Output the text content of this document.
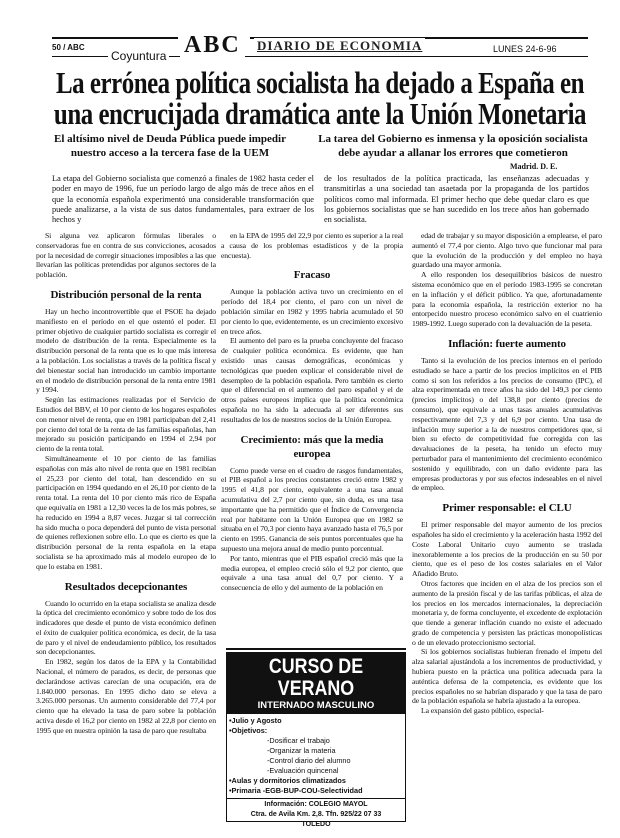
50 / ABC
Coyuntura ABC	DIARIO DE ECONOMIA	LUNES 24-6-96
La errónea política socialista ha dejado a España en una encrucijada dramática ante la Unión Monetaria
El altísimo nivel de Deuda Pública puede impedir nuestro acceso a la tercera fase de la UEM
La tarea del Gobierno es inmensa y la oposición socialista debe ayudar a allanar los errores que cometieron
Madrid. D. E.

La etapa del Gobierno socialista que comenzó a finales de 1982 hasta ceder el poder en mayo de 1996, fue un período largo de algo más de trece años en el que la economía española experimentó una considerable transformación que puede analizarse, a la vista de sus datos fundamentales, para extraer de los hechos y

de los resultados de la política practicada, las enseñanzas adecuadas y transmitirlas a una sociedad tan asaetada por la propaganda de los partidos políticos como mal informada. El primer hecho que debe quedar claro es que los gobiernos socialistas que se han sucedido en los trece años han gobernado en socialista.

Si alguna vez aplicaron fórmulas liberales o conservadoras fue en contra de sus convicciones, acosados por la necesidad de corregir situaciones imposibles a las que llevarían las políticas pretendidas por algunos sectores de la población.

Distribución personal de la renta

Hay un hecho incontrovertible que el PSOE ha dejado manifiesto en el período en el que ostentó el poder. El primer objetivo de cualquier partido socialista es corregir el modelo de distribución de la renta. Especialmente es la distribución personal de la renta que es lo que más interesa a la población. Los socialistas a través de la política fiscal y del bienestar social han introducido un cambio importante en el modelo de distribución personal de la renta entre 1981 y 1994.

Según las estimaciones realizadas por el Servicio de Estudios del BBV, el 10 por ciento de los hogares españoles con menor nivel de renta, que en 1981 participaban del 2,41 por ciento del total de la renta de las familias españolas, han mejorado su posición participando en 1994 el 2,94 por ciento de la renta total.

Simultáneamente el 10 por ciento de las familias españolas con más alto nivel de renta que en 1981 recibían el 25,23 por ciento del total, han descendido en su participación en 1994 quedando en el 26,10 por ciento de la renta total. La renta del 10 por ciento más rico de España que equivalía en 1981 a 12,30 veces la de los más pobres, se ha reducido en 1994 a 8,87 veces. Juzgar si tal corrección ha sido mucha o poca dependerá del punto de vista personal de quienes reflexionen sobre ello. Lo que es cierto es que la distribución personal de la renta española en la etapa socialista se ha aproximado más al modelo europeo de lo que lo estaba en 1981.

Resultados decepcionantes

Cuando lo ocurrido en la etapa socialista se analiza desde la óptica del crecimiento económico y sobre todo de los dos indicadores que desde el punto de vista económico definen el éxito de cualquier política económica, es decir, de la tasa de paro y el nivel de endeudamiento público, los resultados son decepcionantes.

En 1982, según los datos de la EPA y la Contabilidad Nacional, el número de parados, es decir, de personas que declarándose activas carecían de una ocupación, era de 1.840.000 personas. En 1995 dicho dato se eleva a 3.265.000 personas. Un aumento considerable del 77,4 por ciento que ha elevado la tasa de paro sobre la población activa desde el 16,2 por ciento en 1982 al 22,8 por ciento en 1995 que en nuestra opinión la tasa de paro que resultaba

en la EPA de 1995 del 22,9 por ciento es superior a la real a causa de los problemas estadísticos y de la propia encuesta).

Fracaso

Aunque la población activa tuvo un crecimiento en el período del 18,4 por ciento, el paro con un nivel de población similar en 1982 y 1995 habría acumulado el 50 por ciento lo que, evidentemente, es un crecimiento excesivo en trece años.

El aumento del paro es la prueba concluyente del fracaso de cualquier política económica. Es evidente, que han existido unas causas demográficas, económicas y tecnológicas que pueden explicar el considerable nivel de desempleo de la población española. Pero también es cierto que el diferencial en el aumento del paro español y el de otros países europeos implica que la política económica española no ha sido la adecuada al ser diferentes sus resultados de los de nuestros socios de la Unión Europea.

Crecimiento: más que la media europea

Como puede verse en el cuadro de rasgos fundamentales, el PIB español a los precios constantes creció entre 1982 y 1995 el 41,8 por ciento, equivalente a una tasa anual acumulativa del 2,7 por ciento que, sin duda, es una tasa importante que ha permitido que el Índice de Convergencia real por habitante con la Unión Europea que en 1982 se situaba en el 70,3 por ciento haya avanzado hasta el 76,5 por ciento en 1995. Ganancia de seis puntos porcentuales que ha supuesto una mejora anual de medio punto porcentual.

Por tanto, mientras que el PIB español creció más que la media europea, el empleo creció sólo el 9,2 por ciento, que equivale a una tasa anual del 0,7 por ciento. Y a consecuencia de ello y del aumento de la población en

CURSO DE VERANO
INTERNADO MASCULINO
•Julio y Agosto
•Objetivos:
-Dosificar el trabajo
-Organizar la materia
-Control diario del alumno
-Evaluación quincenal
•Aulas y dormitorios climatizados
•Primaria -EGB-BUP-COU-Selectividad
Información: COLEGIO MAYOL
Ctra. de Avila Km. 2,8. Tfn. 925/22 07 33
TOLEDO

edad de trabajar y su mayor disposición a emplearse, el paro aumentó el 77,4 por ciento. Algo tuvo que funcionar mal para que la evolución de la producción y del empleo no haya guardado una mayor armonía.

A ello responden los desequilibrios básicos de nuestro sistema económico que en el período 1983-1995 se concretan en la inflación y el déficit público. Ya que, afortunadamente para la economía española, la restricción exterior no ha entorpecido nuestro proceso económico salvo en el cuatrienio 1989-1992. Luego superado con la devaluación de la peseta.

Inflación: fuerte aumento

Tanto si la evolución de los precios internos en el período estudiado se hace a partir de los precios implícitos en el PIB como si son los referidos a los precios de consumo (IPC), el alza experimentada en trece años ha sido del 149,3 por ciento (precios implícitos) o del 138,8 por ciento (precios de consumo), que equivale a unas tasas anuales acumulativas respectivamente del 7,3 y del 6,9 por ciento. Una tasa de inflación muy superior a la de nuestros competidores que, si bien su efecto de competitividad fue corregida con las devaluaciones de la peseta, ha tenido un efecto muy perturbador para el mantenimiento del crecimiento económico sostenido y equilibrado, con un daño evidente para las empresas productoras y por sus efectos indeseables en el nivel de empleo.

Primer responsable: el CLU

El primer responsable del mayor aumento de los precios españoles ha sido el crecimiento y la aceleración hasta 1992 del Coste Laboral Unitario cuyo aumento se traslada inexorablemente a los precios de la producción en su 50 por ciento, que es el peso de los costes salariales en el Valor Añadido Bruto.

Otros factores que inciden en el alza de los precios son el aumento de la presión fiscal y de las tarifas públicas, el alza de los precios en los mercados internacionales, la depreciación monetaria y, de forma concluyente, el excedente de explotación que tiende a generar inflación cuando no existe el adecuado grado de competencia y persisten las prácticas monopolísticas o de un elevado proteccionismo sectorial.

Si los gobiernos socialistas hubieran frenado el ímpetu del alza salarial ajustándola a los incrementos de productividad, y hubiera puesto en la práctica una política adecuada para la auténtica defensa de la competencia, es evidente que los precios españoles no se habrían disparado y que la tasa de paro de la población española se habría ajustado a la europea.

La expansión del gasto público, especial-
